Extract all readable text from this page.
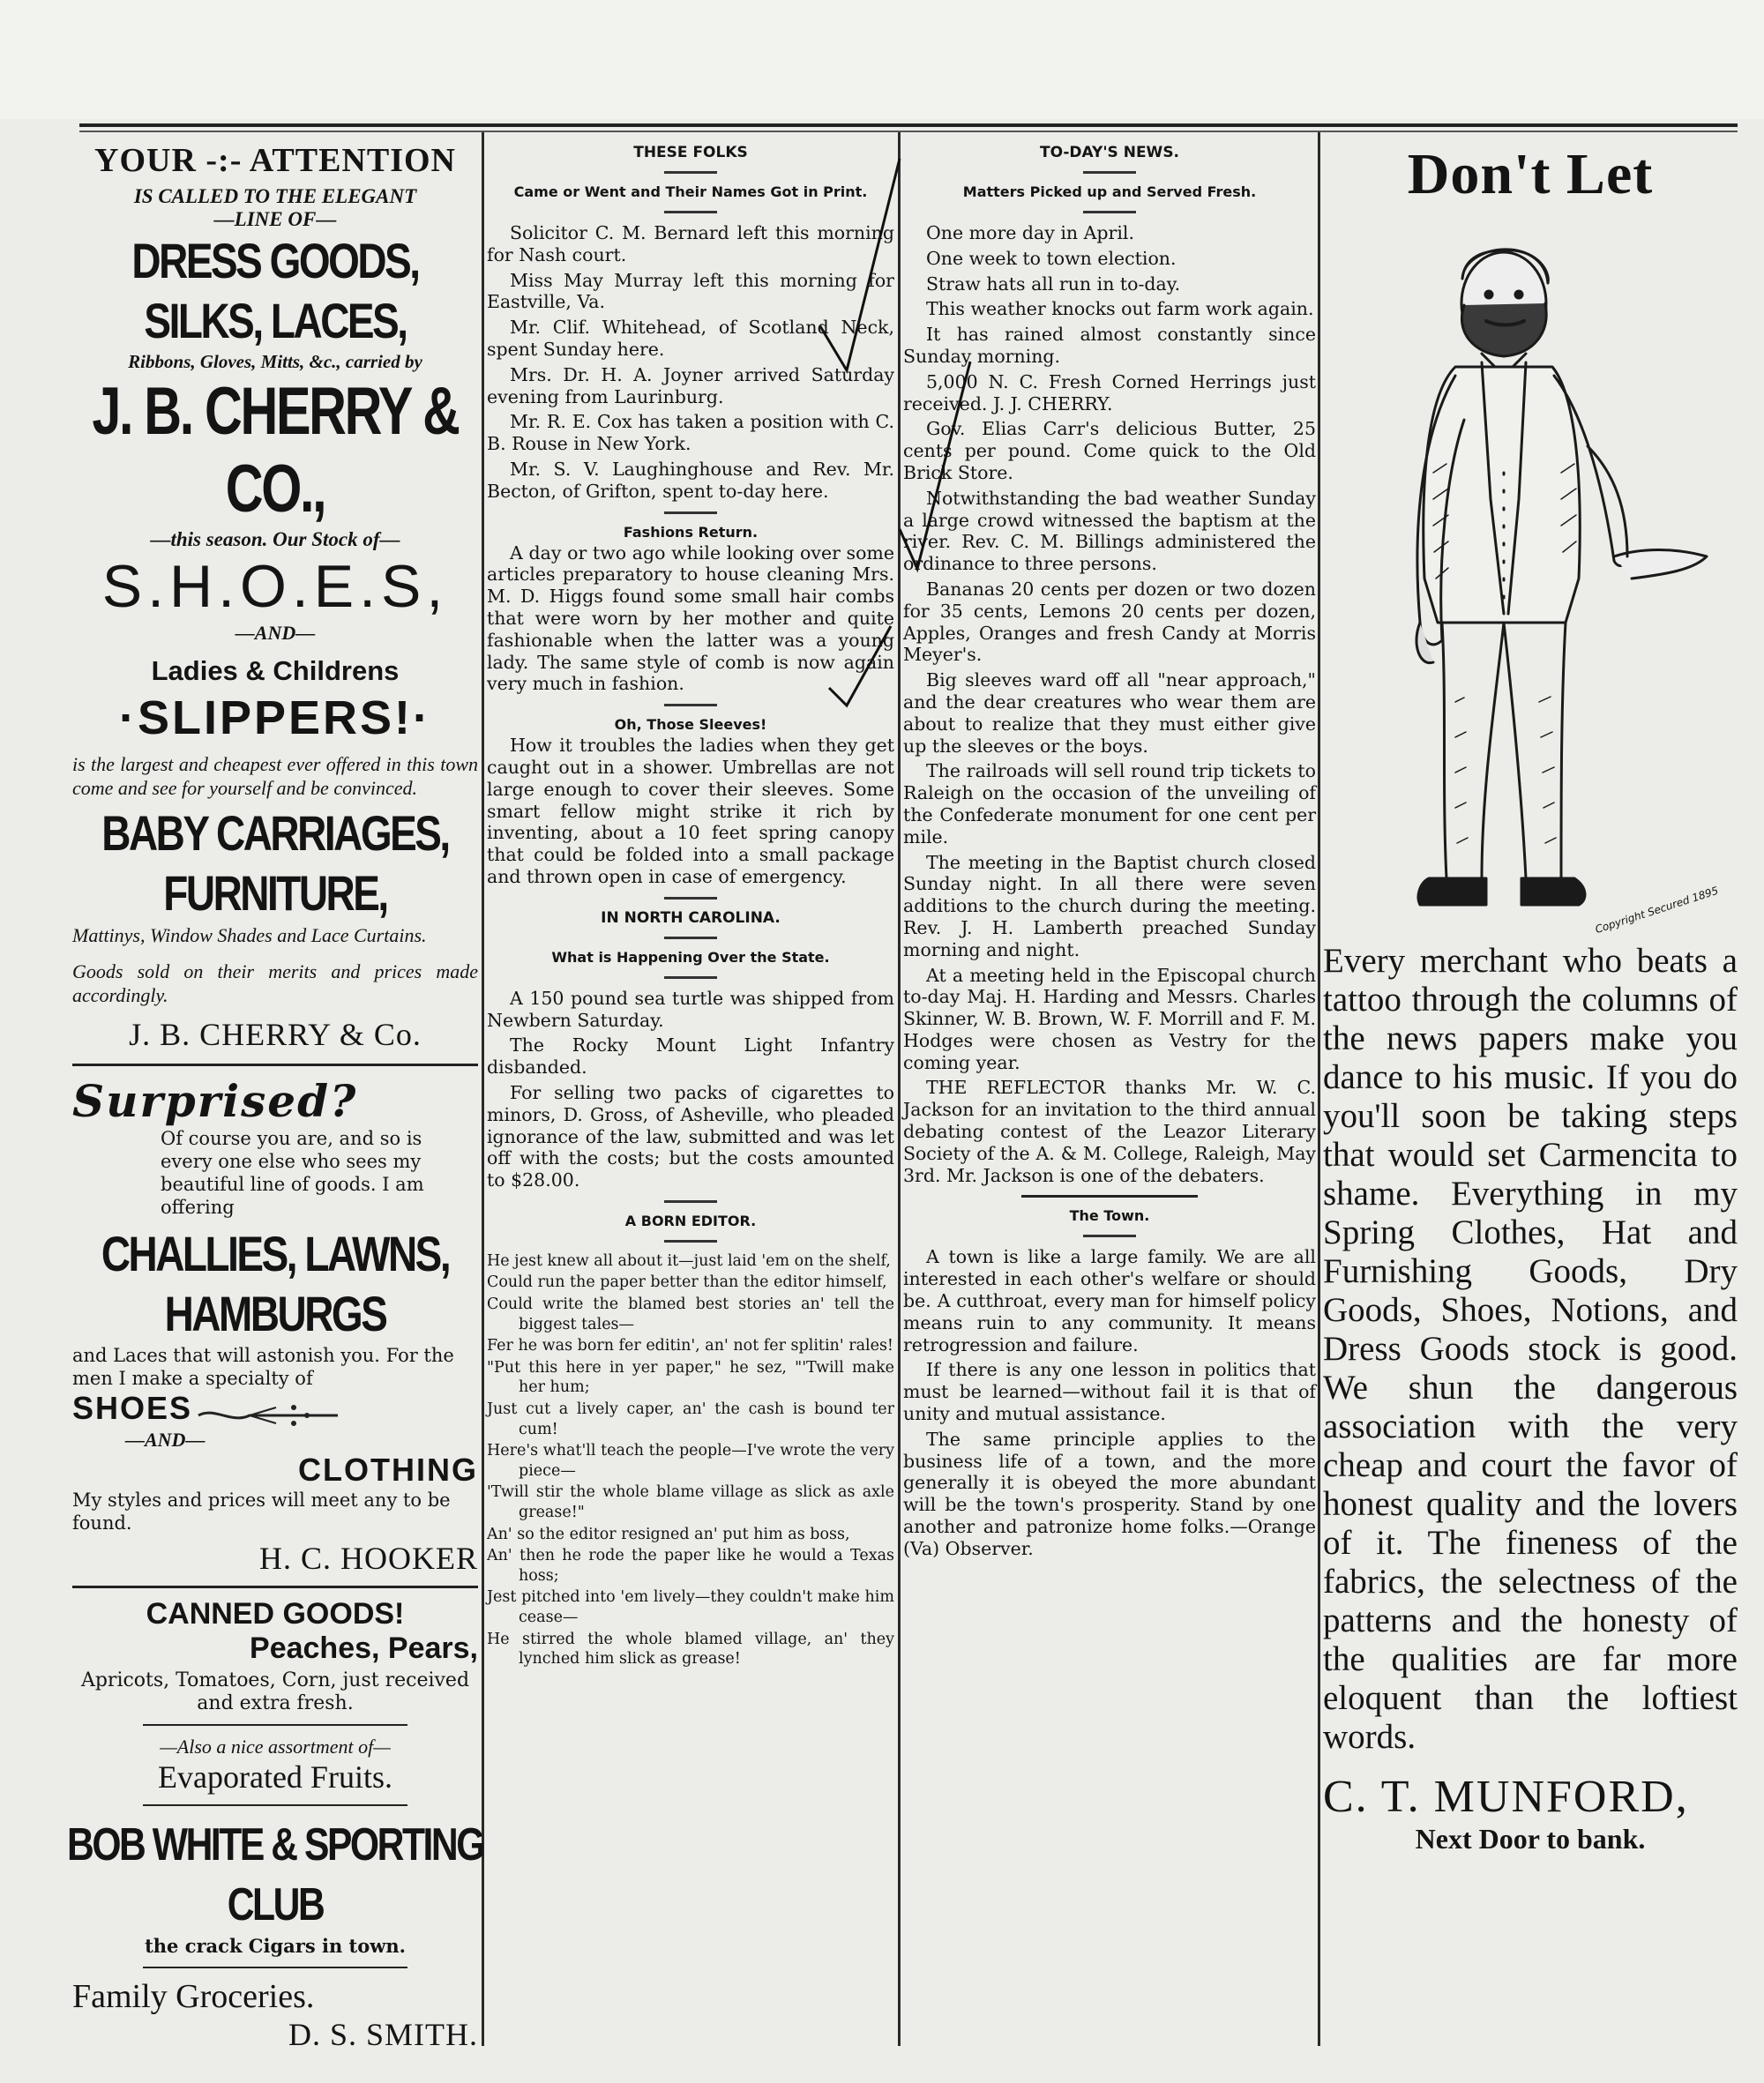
YOUR -:- ATTENTION
IS CALLED TO THE ELEGANT
—LINE OF—
DRESS GOODS, SILKS, LACES,
Ribbons, Gloves, Mitts, &c., carried by
J. B. CHERRY & CO.,
—this season. Our Stock of—
S.H.O.E.S,
—AND—
Ladies & Childrens
·SLIPPERS!·
is the largest and cheapest ever offered in this town come and see for yourself and be convinced.
BABY CARRIAGES, FURNITURE,
Mattinys, Window Shades and Lace Curtains.
Goods sold on their merits and prices made accordingly.
J. B. CHERRY & Co.
Surprised?
Of course you are, and so is every one else who sees my beautiful line of goods. I am offering
CHALLIES, LAWNS, HAMBURGS
and Laces that will astonish you. For the men I make a specialty of
SHOES
—AND—
CLOTHING
My styles and prices will meet any to be found.
H. C. HOOKER
CANNED GOODS!
Peaches, Pears,
Apricots, Tomatoes, Corn, just received and extra fresh.
—Also a nice assortment of—
Evaporated Fruits.
BOB WHITE & SPORTING CLUB
the crack Cigars in town.
Family Groceries.
D. S. SMITH.
THESE FOLKS
Came or Went and Their Names Got in Print.

Solicitor C. M. Bernard left this morning for Nash court.

Miss May Murray left this morning for Eastville, Va.

Mr. Clif. Whitehead, of Scotland Neck, spent Sunday here.

Mrs. Dr. H. A. Joyner arrived Saturday evening from Laurinburg.

Mr. R. E. Cox has taken a position with C. B. Rouse in New York.

Mr. S. V. Laughinghouse and Rev. Mr. Becton, of Grifton, spent to-day here.

Fashions Return.

A day or two ago while looking over some articles preparatory to house cleaning Mrs. M. D. Higgs found some small hair combs that were worn by her mother and quite fashionable when the latter was a young lady. The same style of comb is now again very much in fashion.

Oh, Those Sleeves!

How it troubles the ladies when they get caught out in a shower. Umbrellas are not large enough to cover their sleeves. Some smart fellow might strike it rich by inventing, about a 10 feet spring canopy that could be folded into a small package and thrown open in case of emergency.

IN NORTH CAROLINA.
What is Happening Over the State.

A 150 pound sea turtle was shipped from Newbern Saturday.

The Rocky Mount Light Infantry disbanded.

For selling two packs of cigarettes to minors, D. Gross, of Asheville, who pleaded ignorance of the law, submitted and was let off with the costs; but the costs amounted to $28.00.

A BORN EDITOR.

He jest knew all about it—just laid 'em on the shelf,

Could run the paper better than the editor himself,

Could write the blamed best stories an' tell the biggest tales—

Fer he was born fer editin', an' not fer splitin' rales!

"Put this here in yer paper," he sez, "'Twill make her hum;

Just cut a lively caper, an' the cash is bound ter cum!

Here's what'll teach the people—I've wrote the very piece—

'Twill stir the whole blame village as slick as axle grease!"

An' so the editor resigned an' put him as boss,

An' then he rode the paper like he would a Texas hoss;

Jest pitched into 'em lively—they couldn't make him cease—

He stirred the whole blamed village, an' they lynched him slick as grease!

TO-DAY'S NEWS.
Matters Picked up and Served Fresh.

One more day in April.

One week to town election.

Straw hats all run in to-day.

This weather knocks out farm work again.

It has rained almost constantly since Sunday morning.

5,000 N. C. Fresh Corned Herrings just received. J. J. CHERRY.

Gov. Elias Carr's delicious Butter, 25 cents per pound. Come quick to the Old Brick Store.

Notwithstanding the bad weather Sunday a large crowd witnessed the baptism at the river. Rev. C. M. Billings administered the ordinance to three persons.

Bananas 20 cents per dozen or two dozen for 35 cents, Lemons 20 cents per dozen, Apples, Oranges and fresh Candy at Morris Meyer's.

Big sleeves ward off all "near approach," and the dear creatures who wear them are about to realize that they must either give up the sleeves or the boys.

The railroads will sell round trip tickets to Raleigh on the occasion of the unveiling of the Confederate monument for one cent per mile.

The meeting in the Baptist church closed Sunday night. In all there were seven additions to the church during the meeting. Rev. J. H. Lamberth preached Sunday morning and night.

At a meeting held in the Episcopal church to-day Maj. H. Harding and Messrs. Charles Skinner, W. B. Brown, W. F. Morrill and F. M. Hodges were chosen as Vestry for the coming year.

THE REFLECTOR thanks Mr. W. C. Jackson for an invitation to the third annual debating contest of the Leazor Literary Society of the A. & M. College, Raleigh, May 3rd. Mr. Jackson is one of the debaters.

The Town.

A town is like a large family. We are all interested in each other's welfare or should be. A cutthroat, every man for himself policy means ruin to any community. It means retrogression and failure.

If there is any one lesson in politics that must be learned—without fail it is that of unity and mutual assistance.

The same principle applies to the business life of a town, and the more generally it is obeyed the more abundant will be the town's prosperity. Stand by one another and patronize home folks.—Orange (Va) Observer.

Don't Let
Copyright Secured 1895
Every merchant who beats a tattoo through the columns of the news papers make you dance to his music. If you do you'll soon be taking steps that would set Carmencita to shame. Everything in my Spring Clothes, Hat and Furnishing Goods, Dry Goods, Shoes, Notions, and Dress Goods stock is good. We shun the dangerous association with the very cheap and court the favor of honest quality and the lovers of it. The fineness of the fabrics, the selectness of the patterns and the honesty of the qualities are far more eloquent than the loftiest words.
C. T. MUNFORD,
Next Door to bank.
